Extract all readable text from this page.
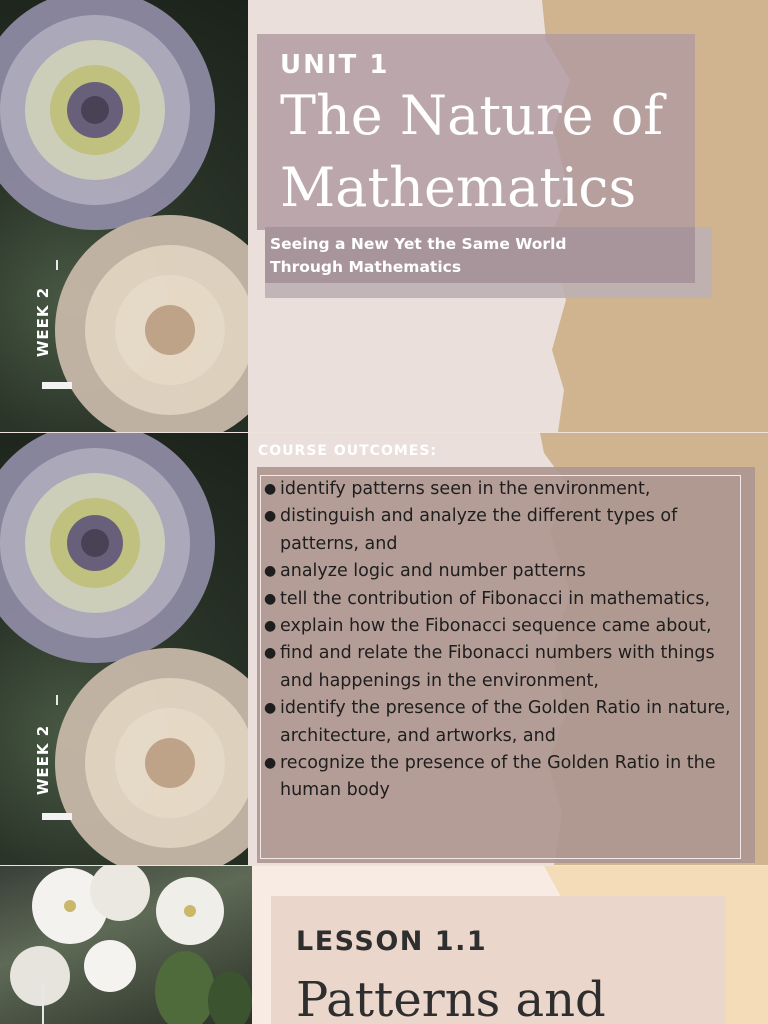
WEEK 2
UNIT 1
The Nature of
Mathematics
Seeing a New Yet the Same World
Through Mathematics
WEEK 2
COURSE OUTCOMES:
● identify patterns seen in the environment,
● distinguish and analyze the different types of patterns, and
● analyze logic and number patterns
● tell the contribution of Fibonacci in mathematics,
● explain how the Fibonacci sequence came about,
● find and relate the Fibonacci numbers with things and happenings in the environment,
● identify the presence of the Golden Ratio in nature, architecture, and artworks, and
● recognize the presence of the Golden Ratio in the human body
LESSON 1.1
Patterns and
